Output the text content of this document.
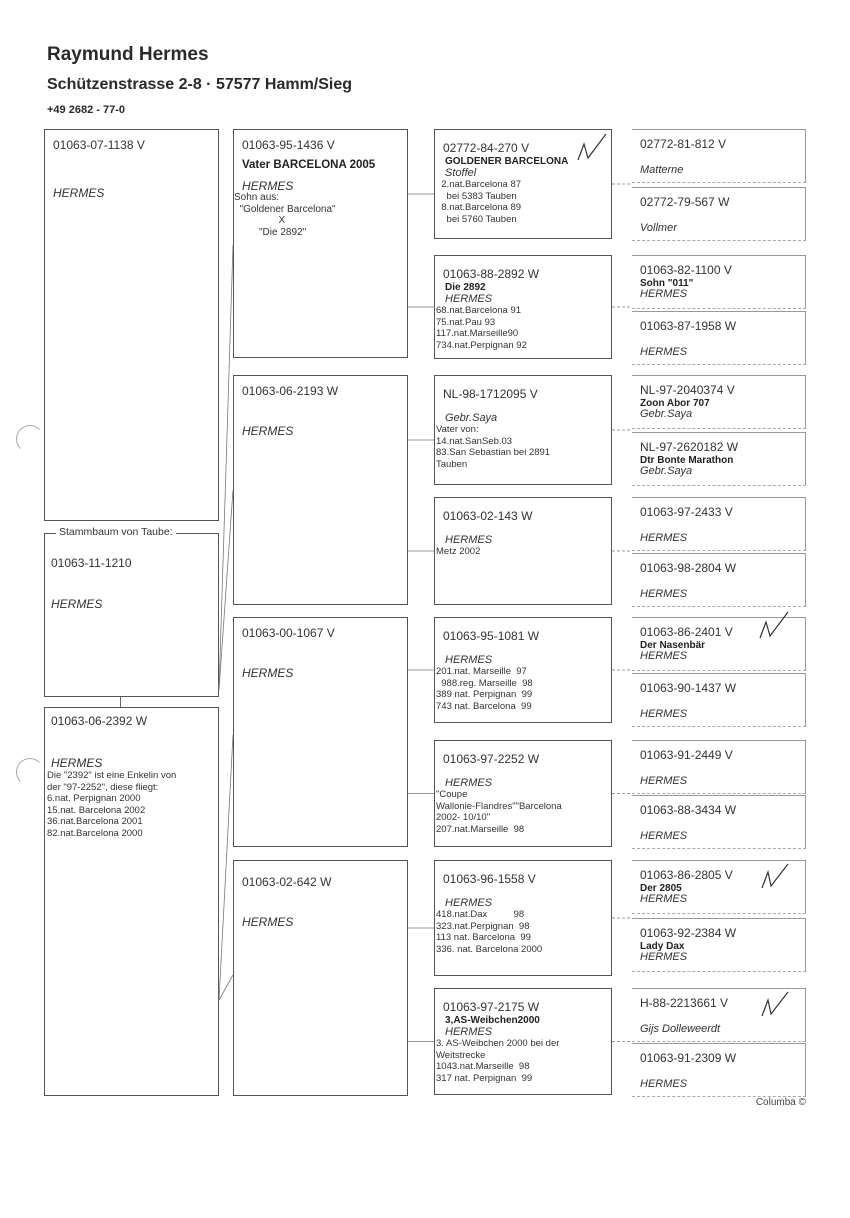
Raymund Hermes
Schützenstrasse 2-8 · 57577 Hamm/Sieg
+49 2682 - 77-0
01063-07-1138 V
HERMES
01063-11-1210
HERMES
Stammbaum von Taube:
01063-06-2392 W
HERMES
Die "2392" ist eine Enkelin von
der "97-2252", diese fliegt:
6.nat. Perpignan 2000
15.nat. Barcelona 2002
36.nat.Barcelona 2001
82.nat.Barcelona 2000
01063-95-1436 V
Vater BARCELONA 2005
HERMES
Sohn aus:
"Goldener Barcelona"
X
"Die 2892"
01063-06-2193 W
HERMES
01063-00-1067 V
HERMES
01063-02-642 W
HERMES
02772-84-270 V
GOLDENER BARCELONA
Stoffel
2.nat.Barcelona 87
bei 5383 Tauben
8.nat.Barcelona 89
bei 5760 Tauben
01063-88-2892 W
Die 2892
HERMES
68.nat.Barcelona 91
75.nat.Pau 93
117.nat.Marseille90
734.nat.Perpignan 92
NL-98-1712095 V
Gebr.Saya
Vater von:
14.nat.SanSeb.03
83.San Sebastian bei 2891
Tauben
01063-02-143 W
HERMES
Metz 2002
01063-95-1081 W
HERMES
201.nat. Marseille  97
988.reg. Marseille  98
389 nat. Perpignan  99
743 nat. Barcelona  99
01063-97-2252 W
HERMES
"Coupe
Wallonie-Flandres""Barcelona
2002- 10/10"
207.nat.Marseille  98
01063-96-1558 V
HERMES
418.nat.Dax          98
323.nat.Perpignan  98
113 nat. Barcelona  99
336. nat. Barcelona 2000
01063-97-2175 W
3,AS-Weibchen2000
HERMES
3. AS-Weibchen 2000 bei der
Weitstrecke
1043.nat.Marseille  98
317 nat. Perpignan  99
02772-81-812 V
Matterne
02772-79-567 W
Vollmer
01063-82-1100 V
Sohn "011"
HERMES
01063-87-1958 W
HERMES
NL-97-2040374 V
Zoon Abor 707
Gebr.Saya
NL-97-2620182 W
Dtr Bonte Marathon
Gebr.Saya
01063-97-2433 V
HERMES
01063-98-2804 W
HERMES
01063-86-2401 V
Der Nasenbär
HERMES
01063-90-1437 W
HERMES
01063-91-2449 V
HERMES
01063-88-3434 W
HERMES
01063-86-2805 V
Der 2805
HERMES
01063-92-2384 W
Lady Dax
HERMES
H-88-2213661 V
Gijs Dolleweerdt
01063-91-2309 W
HERMES
Columba ©
